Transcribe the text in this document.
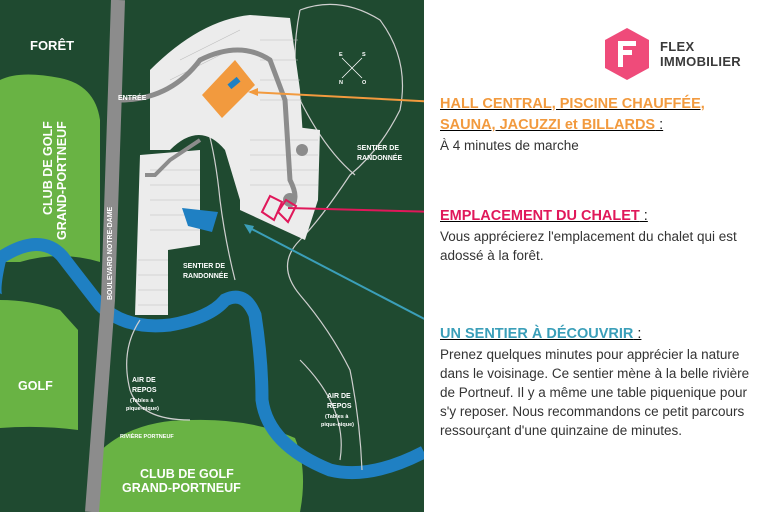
E	S
N	O
FORÊT
CLUB DE GOLF GRAND-PORTNEUF
BOULEVARD NOTRE-DAME
ENTRÉE
GOLF
SENTIER DE
RANDONNÉE
SENTIER DE
RANDONNÉE
AIR DE
REPOS
(Tables à
pique-nique)
AIR DE
REPOS
(Tables à
pique-nique)
RIVIÈRE PORTNEUF
CLUB DE GOLF
GRAND-PORTNEUF
FLEX
IMMOBILIER
HALL CENTRAL, PISCINE CHAUFFÉE, SAUNA, JACUZZI et BILLARDS :
À 4 minutes de marche
EMPLACEMENT DU CHALET :
Vous apprécierez l'emplacement du chalet qui est adossé à la forêt.
UN SENTIER À DÉCOUVRIR :
Prenez quelques minutes pour apprécier la nature dans le voisinage. Ce sentier mène à la belle rivière de Portneuf. Il y a même une table piquenique pour s'y reposer. Nous recommandons ce petit parcours ressourçant d'une quinzaine de minutes.
